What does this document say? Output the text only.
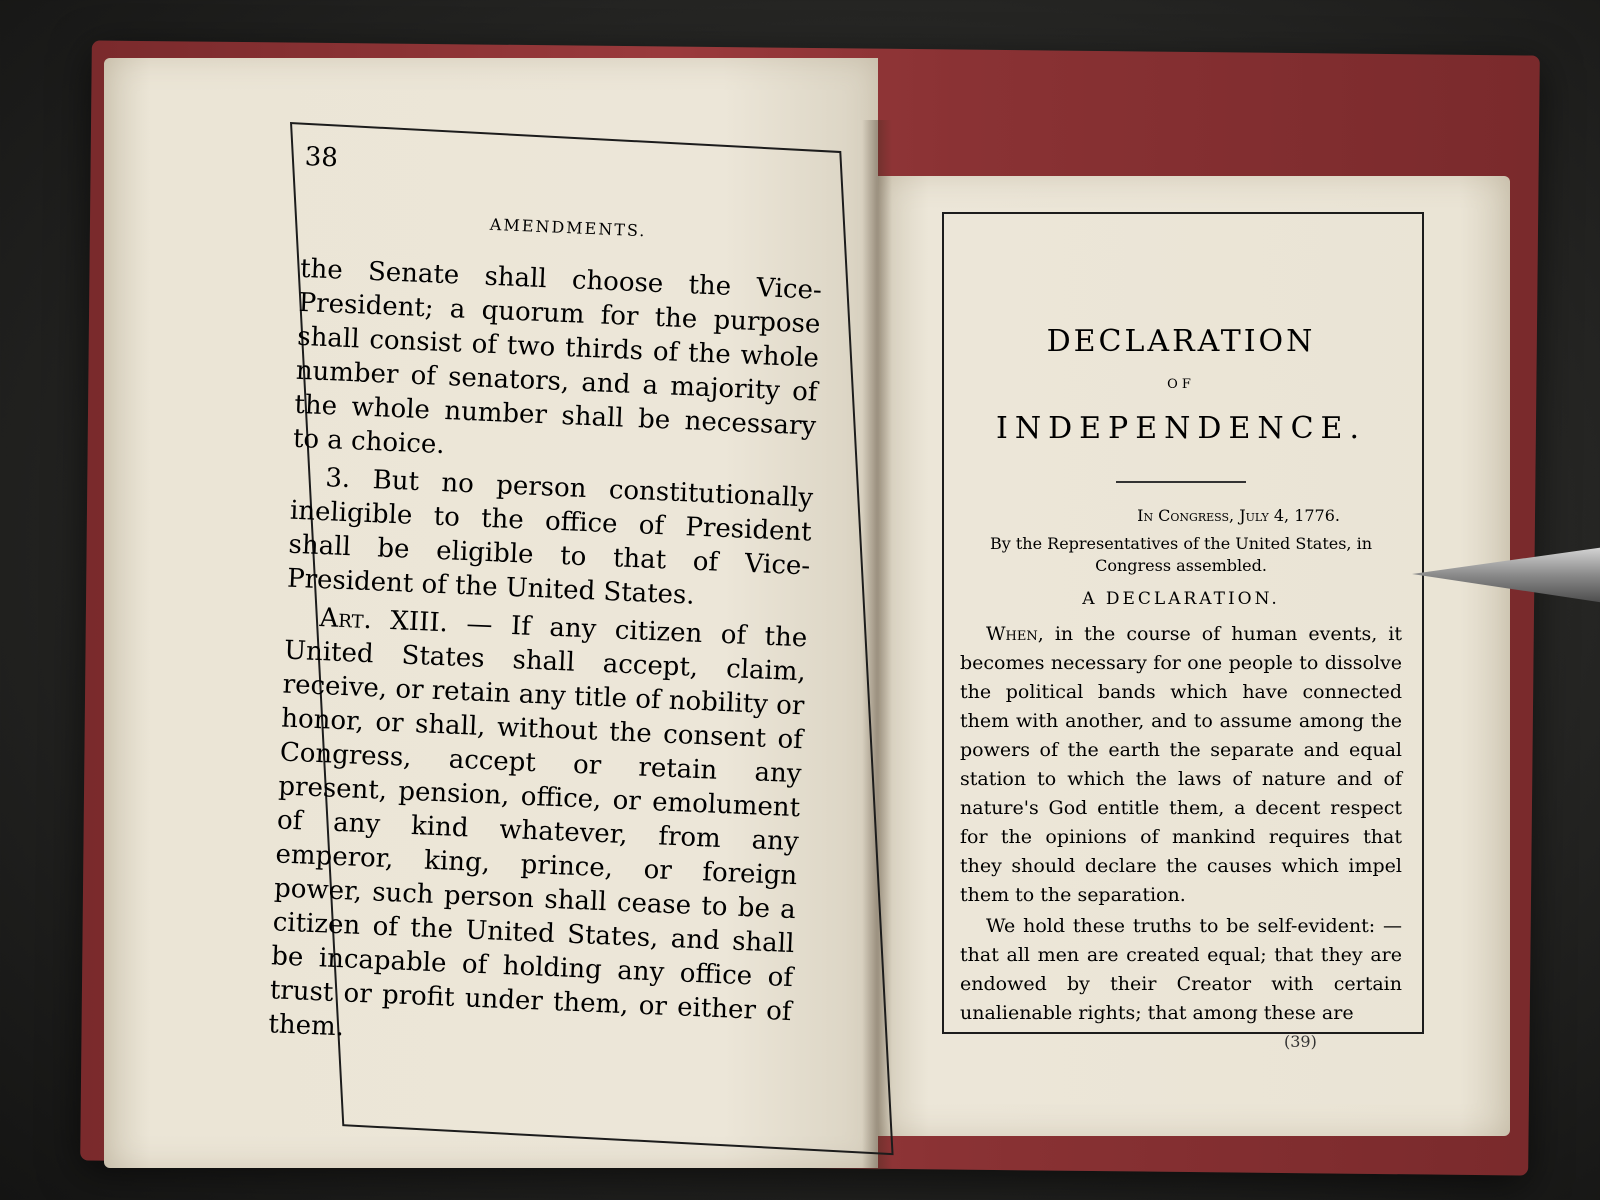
38
AMENDMENTS.

the Senate shall choose the Vice-President; a quorum for the purpose shall consist of two thirds of the whole number of senators, and a majority of the whole number shall be necessary to a choice.

3. But no person constitutionally ineligible to the office of President shall be eligible to that of Vice-President of the United States.

Art. XIII. — If any citizen of the United States shall accept, claim, receive, or retain any title of nobility or honor, or shall, without the consent of Congress, accept or retain any present, pension, office, or emolument of any kind whatever, from any emperor, king, prince, or foreign power, such person shall cease to be a citizen of the United States, and shall be incapable of holding any office of trust or profit under them, or either of them.

DECLARATION
OF
INDEPENDENCE.
In Congress, July 4, 1776.
By the Representatives of the United States, in Congress assembled.
A DECLARATION.

When, in the course of human events, it becomes necessary for one people to dissolve the political bands which have connected them with another, and to assume among the powers of the earth the separate and equal station to which the laws of nature and of nature's God entitle them, a decent respect for the opinions of mankind requires that they should declare the causes which impel them to the separation.

We hold these truths to be self-evident: — that all men are created equal; that they are endowed by their Creator with certain unalienable rights; that among these are

(39)
